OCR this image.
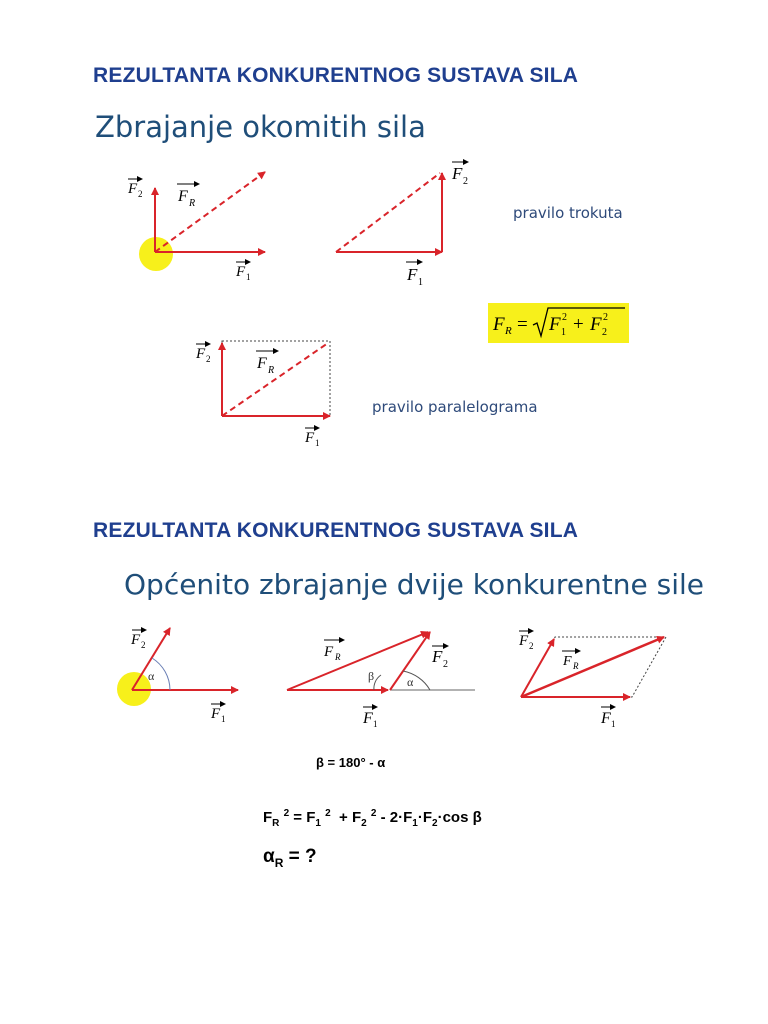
REZULTANTA KONKURENTNOG SUSTAVA SILA
Zbrajanje okomitih sila
F 2 F R
F 1
F 2
F 1
F 2	F R
F 1
pravilo trokuta
pravilo paralelograma
F R = F 1
2 + F 2
2
REZULTANTA KONKURENTNOG SUSTAVA SILA
Općenito zbrajanje dvije konkurentne sile
α
F 2
F 1
β	α
F R	F 2
F 1
F 2
F R
F 1
β = 180° - α
$F_R$ $^2 = F_1$ $^2 + F_2$ $^2 - 2\cdot F_1\cdot F_2\cdot\cos$ β
$\alpha_R$ = ?
